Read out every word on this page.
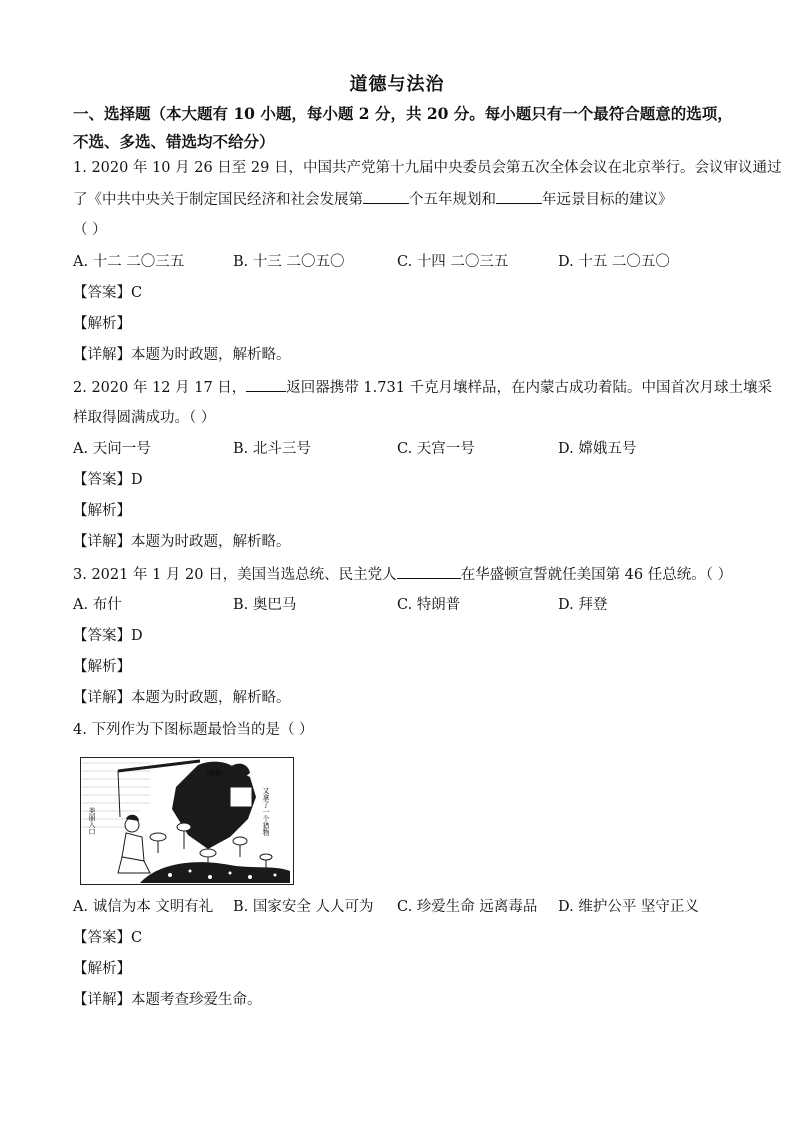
道德与法治
一、选择题（本大题有 10 小题，每小题 2 分，共 20 分。每小题只有一个最符合题意的选项，
不选、多选、错选均不给分）
1. 2020 年 10 月 26 日至 29 日，中国共产党第十九届中央委员会第五次全体会议在北京举行。会议审议通过
了《中共中央关于制定国民经济和社会发展第	个五年规划和	年远景目标的建议》
（ ）
A. 十二 二〇三五	B. 十三 二〇五〇	C. 十四 二〇三五	D. 十五 二〇五〇
【答案】C
【解析】
【详解】本题为时政题，解析略。
2. 2020 年 12 月 17 日，	返回器携带 1.731 千克月壤样品，在内蒙古成功着陆。中国首次月球土壤采
样取得圆满成功。（ ）
A. 天问一号	B. 北斗三号	C. 天宫一号	D. 嫦娥五号
【答案】D
【解析】
【详解】本题为时政题，解析略。
3. 2021 年 1 月 20 日，美国当选总统、民主党人	在华盛顿宣誓就任美国第 46 任总统。（ ）
A. 布什	B. 奥巴马	C. 特朗普	D. 拜登
【答案】D
【解析】
【详解】本题为时政题，解析略。
4. 下列作为下图标题最恰当的是（ ）
哈哈
又拿了一个猎物
美丽入口
A. 诚信为本 文明有礼 B. 国家安全 人人可为 C. 珍爱生命 远离毒品 D. 维护公平 坚守正义
【答案】C
【解析】
【详解】本题考查珍爱生命。
